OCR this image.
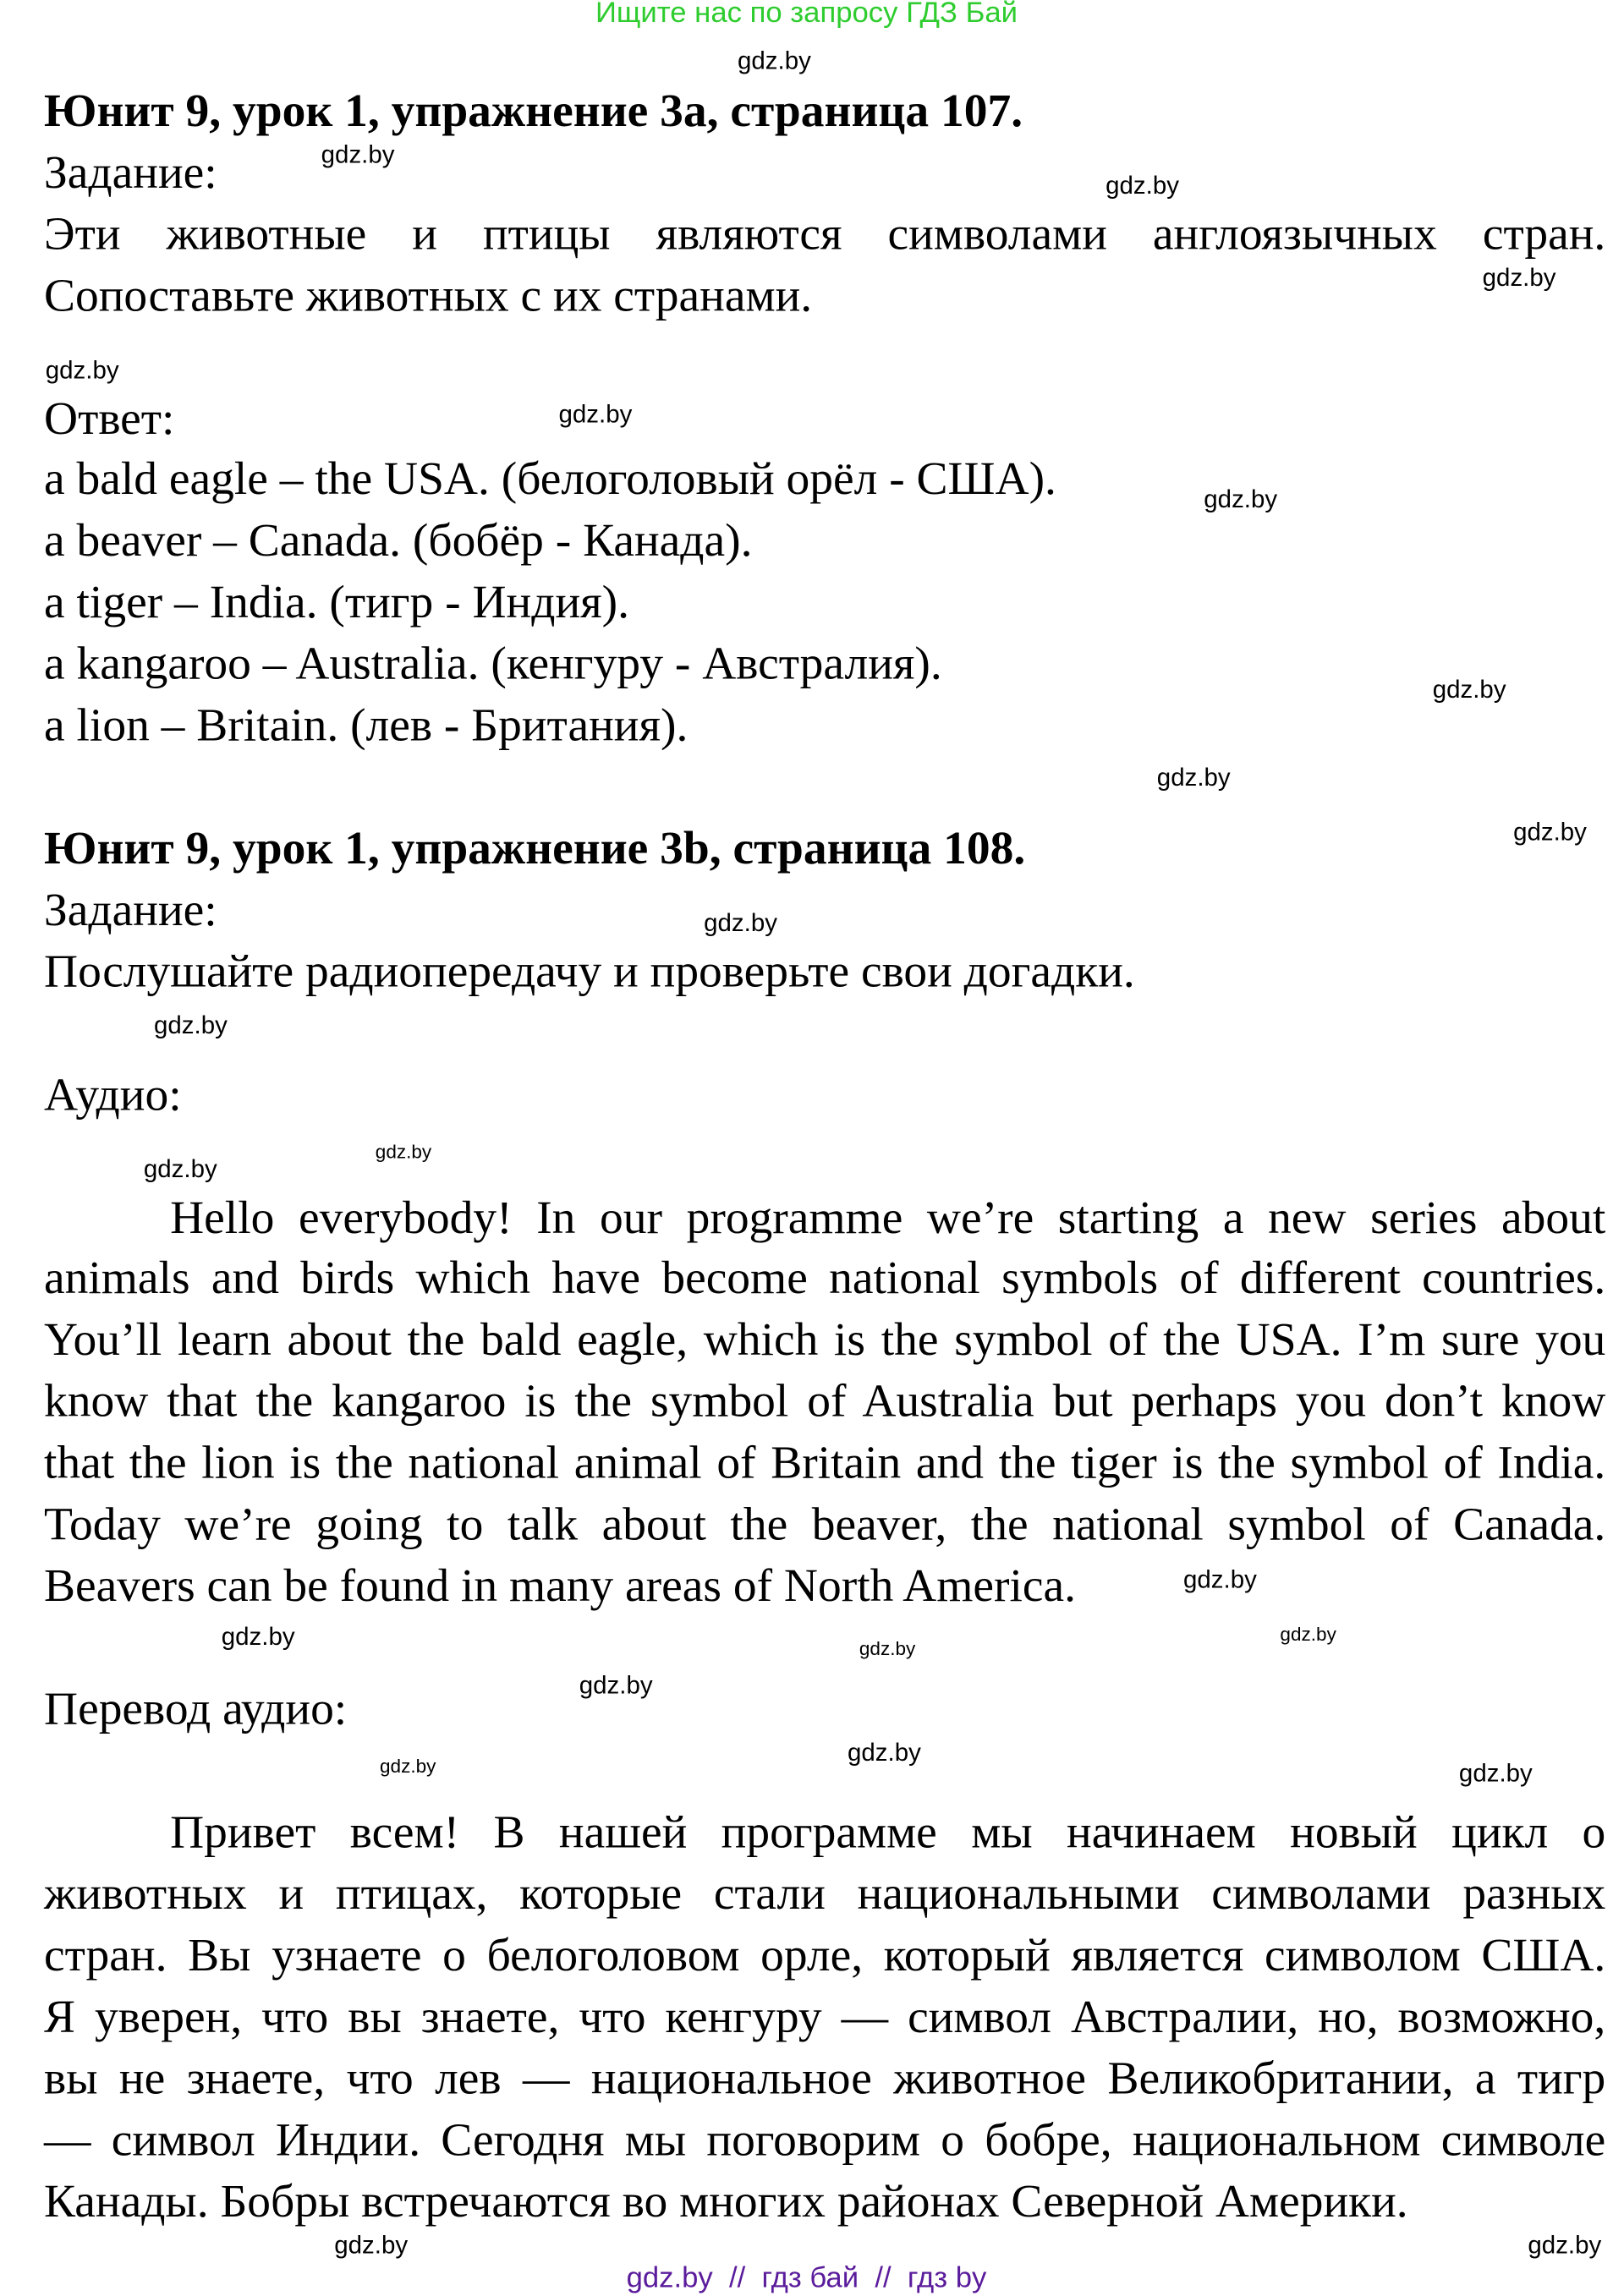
Ищите нас по запросу ГДЗ Бай
Юнит 9, урок 1, упражнение 3a, страница 107.
Задание:
Эти животные и птицы являются символами англоязычных стран.
Сопоставьте животных с их странами.
Ответ:
a bald eagle – the USA. (белоголовый орёл - США).
a beaver – Canada. (бобёр - Канада).
a tiger – India. (тигр - Индия).
a kangaroo – Australia. (кенгуру - Австралия).
a lion – Britain. (лев - Британия).
Юнит 9, урок 1, упражнение 3b, страница 108.
Задание:
Послушайте радиопередачу и проверьте свои догадки.
Аудио:
Hello everybody! In our programme we’re starting a new series about
animals and birds which have become national symbols of different countries.
You’ll learn about the bald eagle, which is the symbol of the USA. I’m sure you
know that the kangaroo is the symbol of Australia but perhaps you don’t know
that the lion is the national animal of Britain and the tiger is the symbol of India.
Today we’re going to talk about the beaver, the national symbol of Canada.
Beavers can be found in many areas of North America.
Перевод аудио:
Привет всем! В нашей программе мы начинаем новый цикл о
животных и птицах, которые стали национальными символами разных
стран. Вы узнаете о белоголовом орле, который является символом США.
Я уверен, что вы знаете, что кенгуру — символ Австралии, но, возможно,
вы не знаете, что лев — национальное животное Великобритании, а тигр
— символ Индии. Сегодня мы поговорим о бобре, национальном символе
Канады. Бобры встречаются во многих районах Северной Америки.
gdz.by
gdz.by
gdz.by
gdz.by
gdz.by
gdz.by
gdz.by
gdz.by
gdz.by
gdz.by
gdz.by
gdz.by
gdz.by
gdz.by
gdz.by
gdz.by
gdz.by
gdz.by
gdz.by
gdz.by
gdz.by
gdz.by
gdz.by
gdz.by
gdz.by  //  гдз бай  //  гдз by
